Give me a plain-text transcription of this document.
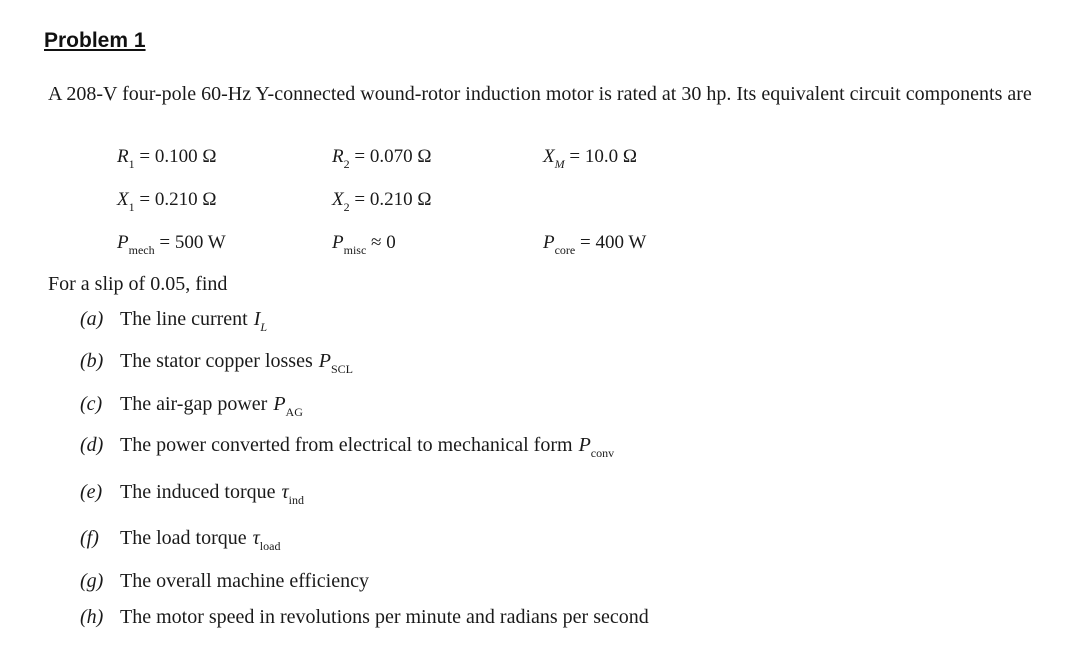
Problem 1
A 208-V four-pole 60-Hz Y-connected wound-rotor induction motor is rated at 30 hp. Its equivalent circuit components are
$R_1 = 0.100$ Ω	$R_2 = 0.070$ Ω	$X_M = 10.0$ Ω
$X_1 = 0.210$ Ω	$X_2 = 0.210$ Ω
$P_{mech} = 500$ W	$P_{misc} \approx 0$	$P_{core} = 400$ W
For a slip of 0.05, find
(a) The line current $I_L$
(b) The stator copper losses $P_{SCL}$
(c) The air-gap power $P_{AG}$
(d) The power converted from electrical to mechanical form $P_{conv}$
(e) The induced torque $\tau_{ind}$
(f) The load torque $\tau_{load}$
(g) The overall machine efficiency
(h) The motor speed in revolutions per minute and radians per second
